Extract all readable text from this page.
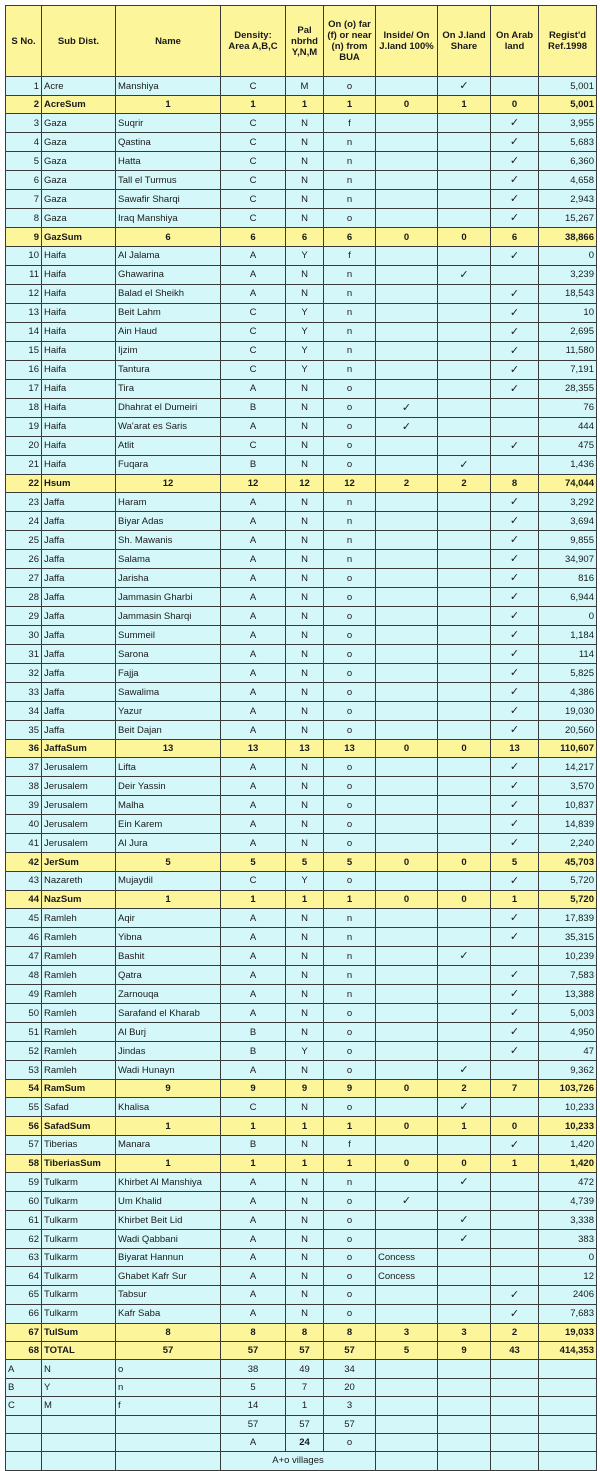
S No.	Sub Dist.	Name	Density: Area A,B,C	Pal nbrhd Y,N,M	On (o) far (f) or near (n) from BUA	Inside/ On J.land 100%	On J.land Share	On Arab land	Regist'd Ref.1998
1	Acre	Manshiya	C	M	o		✓		5,001
2	AcreSum	1	1	1	1	0	1	0	5,001
3	Gaza	Suqrir	C	N	f			✓	3,955
4	Gaza	Qastina	C	N	n			✓	5,683
5	Gaza	Hatta	C	N	n			✓	6,360
6	Gaza	Tall el Turmus	C	N	n			✓	4,658
7	Gaza	Sawafir Sharqi	C	N	n			✓	2,943
8	Gaza	Iraq Manshiya	C	N	o			✓	15,267
9	GazSum	6	6	6	6	0	0	6	38,866
10	Haifa	Al Jalama	A	Y	f			✓	0
11	Haifa	Ghawarina	A	N	n		✓		3,239
12	Haifa	Balad el Sheikh	A	N	n			✓	18,543
13	Haifa	Beit Lahm	C	Y	n			✓	10
14	Haifa	Ain Haud	C	Y	n			✓	2,695
15	Haifa	Ijzim	C	Y	n			✓	11,580
16	Haifa	Tantura	C	Y	n			✓	7,191
17	Haifa	Tira	A	N	o			✓	28,355
18	Haifa	Dhahrat el Dumeiri	B	N	o	✓			76
19	Haifa	Wa'arat es Saris	A	N	o	✓			444
20	Haifa	Atlit	C	N	o			✓	475
21	Haifa	Fuqara	B	N	o		✓		1,436
22	Hsum	12	12	12	12	2	2	8	74,044
23	Jaffa	Haram	A	N	n			✓	3,292
24	Jaffa	Biyar Adas	A	N	n			✓	3,694
25	Jaffa	Sh. Mawanis	A	N	n			✓	9,855
26	Jaffa	Salama	A	N	n			✓	34,907
27	Jaffa	Jarisha	A	N	o			✓	816
28	Jaffa	Jammasin Gharbi	A	N	o			✓	6,944
29	Jaffa	Jammasin Sharqi	A	N	o			✓	0
30	Jaffa	Summeil	A	N	o			✓	1,184
31	Jaffa	Sarona	A	N	o			✓	114
32	Jaffa	Fajja	A	N	o			✓	5,825
33	Jaffa	Sawalima	A	N	o			✓	4,386
34	Jaffa	Yazur	A	N	o			✓	19,030
35	Jaffa	Beit Dajan	A	N	o			✓	20,560
36	JaffaSum	13	13	13	13	0	0	13	110,607
37	Jerusalem	Lifta	A	N	o			✓	14,217
38	Jerusalem	Deir Yassin	A	N	o			✓	3,570
39	Jerusalem	Malha	A	N	o			✓	10,837
40	Jerusalem	Ein Karem	A	N	o			✓	14,839
41	Jerusalem	Al Jura	A	N	o			✓	2,240
42	JerSum	5	5	5	5	0	0	5	45,703
43	Nazareth	Mujaydil	C	Y	o			✓	5,720
44	NazSum	1	1	1	1	0	0	1	5,720
45	Ramleh	Aqir	A	N	n			✓	17,839
46	Ramleh	Yibna	A	N	n			✓	35,315
47	Ramleh	Bashit	A	N	n		✓		10,239
48	Ramleh	Qatra	A	N	n			✓	7,583
49	Ramleh	Zarnouqa	A	N	n			✓	13,388
50	Ramleh	Sarafand el Kharab	A	N	o			✓	5,003
51	Ramleh	Al Burj	B	N	o			✓	4,950
52	Ramleh	Jindas	B	Y	o			✓	47
53	Ramleh	Wadi Hunayn	A	N	o		✓		9,362
54	RamSum	9	9	9	9	0	2	7	103,726
55	Safad	Khalisa	C	N	o		✓		10,233
56	SafadSum	1	1	1	1	0	1	0	10,233
57	Tiberias	Manara	B	N	f			✓	1,420
58	TiberiasSum	1	1	1	1	0	0	1	1,420
59	Tulkarm	Khirbet Al Manshiya	A	N	n		✓		472
60	Tulkarm	Um Khalid	A	N	o	✓			4,739
61	Tulkarm	Khirbet Beit Lid	A	N	o		✓		3,338
62	Tulkarm	Wadi Qabbani	A	N	o		✓		383
63	Tulkarm	Biyarat Hannun	A	N	o	Concess			0
64	Tulkarm	Ghabet Kafr Sur	A	N	o	Concess			12
65	Tulkarm	Tabsur	A	N	o			✓	2406
66	Tulkarm	Kafr Saba	A	N	o			✓	7,683
67	TulSum	8	8	8	8	3	3	2	19,033
68	TOTAL	57	57	57	57	5	9	43	414,353
A	N	o	38	49	34				
B	Y	n	5	7	20				
C	M	f	14	1	3				
			57	57	57				
			A	24	o				
			A+o villages						
